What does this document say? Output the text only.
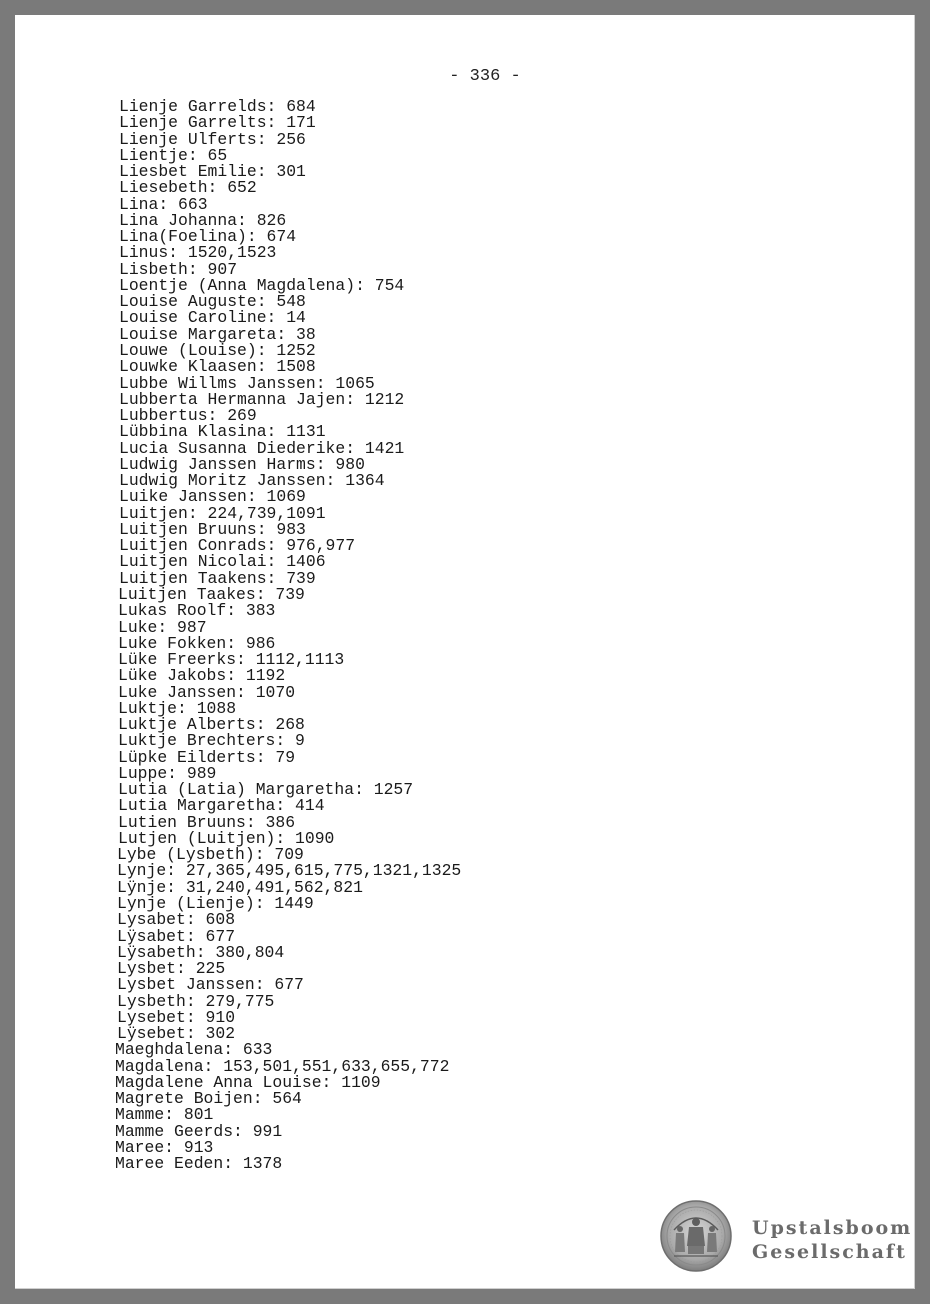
- 336 -
Lienje Garrelds: 684
Lienje Garrelts: 171
Lienje Ulferts: 256
Lientje: 65
Liesbet Emilie: 301
Liesebeth: 652
Lina: 663
Lina Johanna: 826
Lina(Foelina): 674
Linus: 1520,1523
Lisbeth: 907
Loentje (Anna Magdalena): 754
Louise Auguste: 548
Louise Caroline: 14
Louise Margareta: 38
Louwe (Louise): 1252
Louwke Klaasen: 1508
Lubbe Willms Janssen: 1065
Lubberta Hermanna Jajen: 1212
Lubbertus: 269
Lübbina Klasina: 1131
Lucia Susanna Diederike: 1421
Ludwig Janssen Harms: 980
Ludwig Moritz Janssen: 1364
Luike Janssen: 1069
Luitjen: 224,739,1091
Luitjen Bruuns: 983
Luitjen Conrads: 976,977
Luitjen Nicolai: 1406
Luitjen Taakens: 739
Luitjen Taakes: 739
Lukas Roolf: 383
Luke: 987
Luke Fokken: 986
Lüke Freerks: 1112,1113
Lüke Jakobs: 1192
Luke Janssen: 1070
Luktje: 1088
Luktje Alberts: 268
Luktje Brechters: 9
Lüpke Eilderts: 79
Luppe: 989
Lutia (Latia) Margaretha: 1257
Lutia Margaretha: 414
Lutien Bruuns: 386
Lutjen (Luitjen): 1090
Lybe (Lysbeth): 709
Lynje: 27,365,495,615,775,1321,1325
Lÿnje: 31,240,491,562,821
Lynje (Lienje): 1449
Lysabet: 608
Lÿsabet: 677
Lÿsabeth: 380,804
Lysbet: 225
Lysbet Janssen: 677
Lysbeth: 279,775
Lysebet: 910
Lÿsebet: 302
Maeghdalena: 633
Magdalena: 153,501,551,633,655,772
Magdalene Anna Louise: 1109
Magrete Boijen: 564
Mamme: 801
Mamme Geerds: 991
Maree: 913
Maree Eeden: 1378
Upstalsboom
Gesellschaft
